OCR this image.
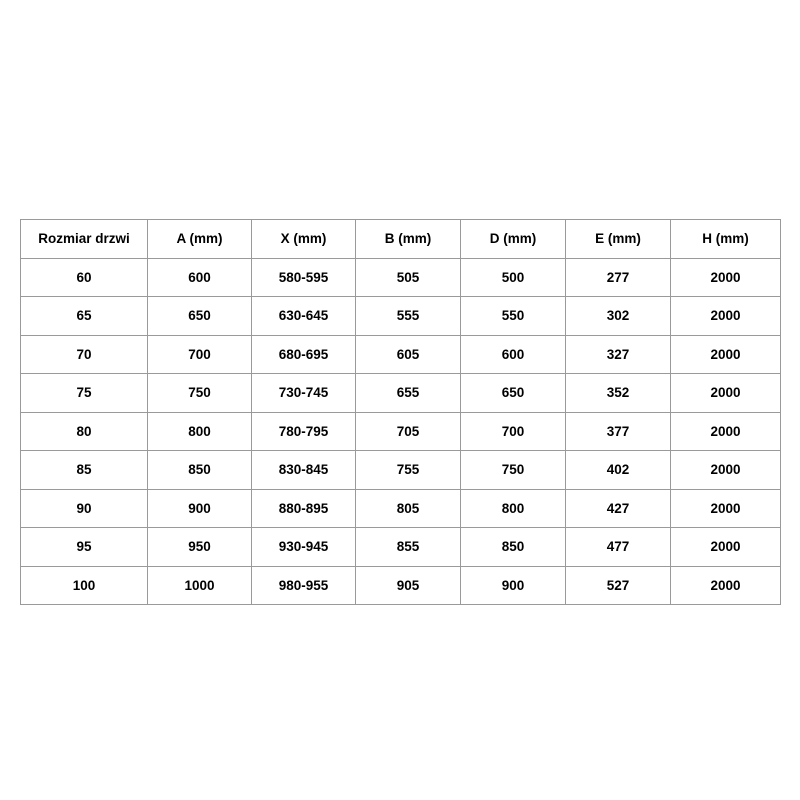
Rozmiar drzwi	A (mm)	X (mm)	B (mm)	D (mm)	E (mm)	H (mm)
60	600	580-595	505	500	277	2000
65	650	630-645	555	550	302	2000
70	700	680-695	605	600	327	2000
75	750	730-745	655	650	352	2000
80	800	780-795	705	700	377	2000
85	850	830-845	755	750	402	2000
90	900	880-895	805	800	427	2000
95	950	930-945	855	850	477	2000
100	1000	980-955	905	900	527	2000
